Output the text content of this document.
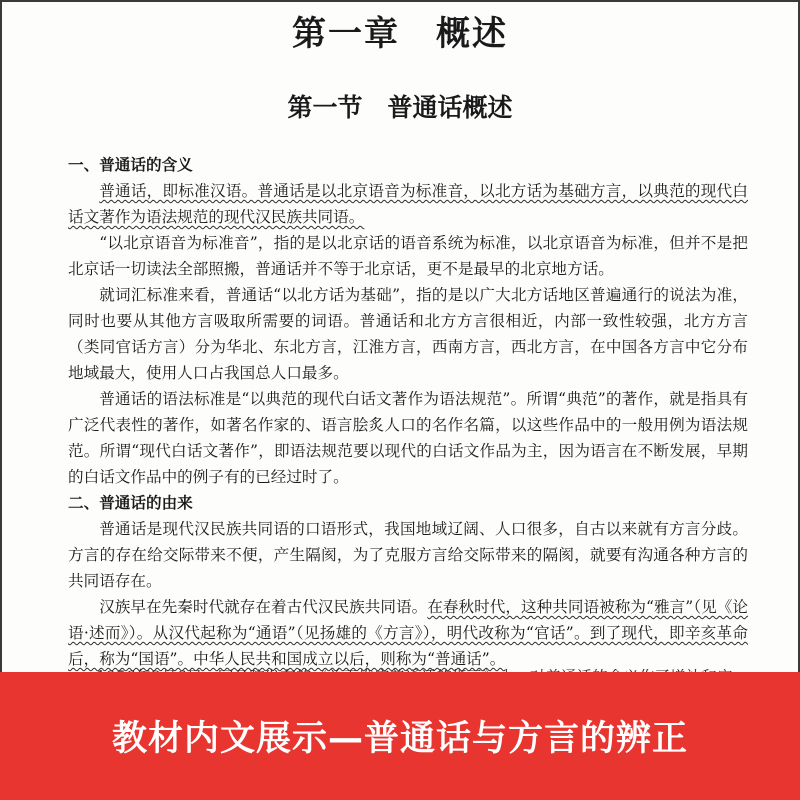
第一章　概述
第一节　普通话概述
一、普通话的含义

普通话，即标准汉语。普通话是以北京语音为标准音，以北方话为基础方言，以典范的现代白话文著作为语法规范的现代汉民族共同语。

“以北京语音为标准音”，指的是以北京话的语音系统为标准，以北京语音为标准，但并不是把北京话一切读法全部照搬，普通话并不等于北京话，更不是最早的北京地方话。

就词汇标准来看，普通话“以北方话为基础”，指的是以广大北方话地区普遍通行的说法为准，同时也要从其他方言吸取所需要的词语。普通话和北方方言很相近，内部一致性较强，北方方言（类同官话方言）分为华北、东北方言，江淮方言，西南方言，西北方言，在中国各方言中它分布地域最大，使用人口占我国总人口最多。

普通话的语法标准是“以典范的现代白话文著作为语法规范”。所谓“典范”的著作，就是指具有广泛代表性的著作，如著名作家的、语言脍炙人口的名作名篇，以这些作品中的一般用例为语法规范。所谓“现代白话文著作”，即语法规范要以现代的白话文作品为主，因为语言在不断发展，早期的白话文作品中的例子有的已经过时了。

二、普通话的由来

普通话是现代汉民族共同语的口语形式，我国地域辽阔、人口很多，自古以来就有方言分歧。方言的存在给交际带来不便，产生隔阂，为了克服方言给交际带来的隔阂，就要有沟通各种方言的共同语存在。

汉族早在先秦时代就存在着古代汉民族共同语。在春秋时代，这种共同语被称为“雅言”（见《论语·述而》）。从汉代起称为“通语”（见扬雄的《方言》），明代改称为“官话”。到了现代，即辛亥革命后，称为“国语”。中华人民共和国成立以后，则称为“普通话”。

教材内文展示—普通话与方言的辨正
